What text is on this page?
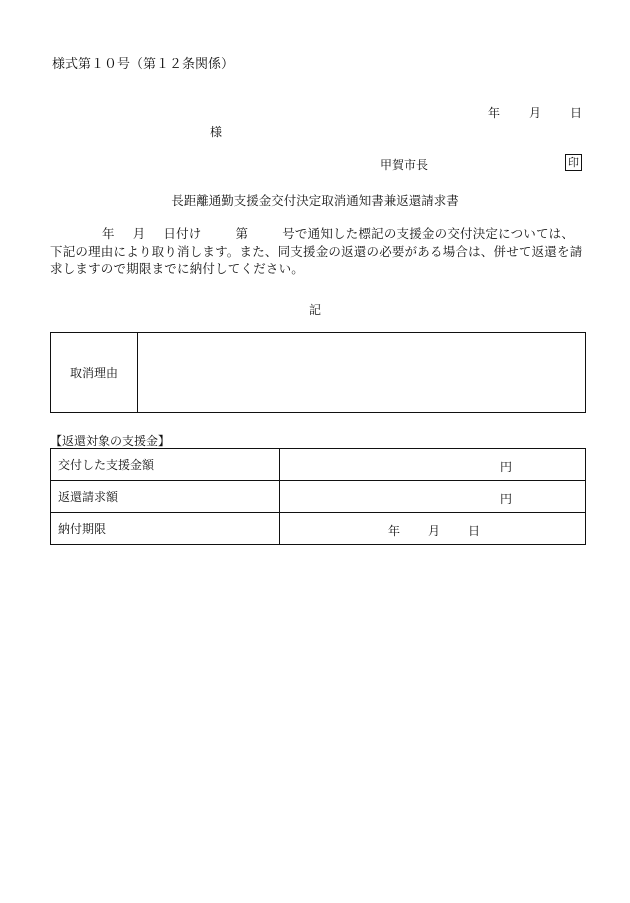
様式第１０号（第１２条関係）
年 月 日
様
甲賀市長	印
長距離通勤支援金交付決定取消通知書兼返還請求書
年 月 日付け	第	号で通知した標記の支援金の交付決定については、下記の理由により取り消します。また、同支援金の返還の必要がある場合は、併せて返還を請求しますので期限までに納付してください。
記
取消理由
【返還対象の支援金】
交付した支援金額	円

返還請求額	円

納付期限	年 月 日
